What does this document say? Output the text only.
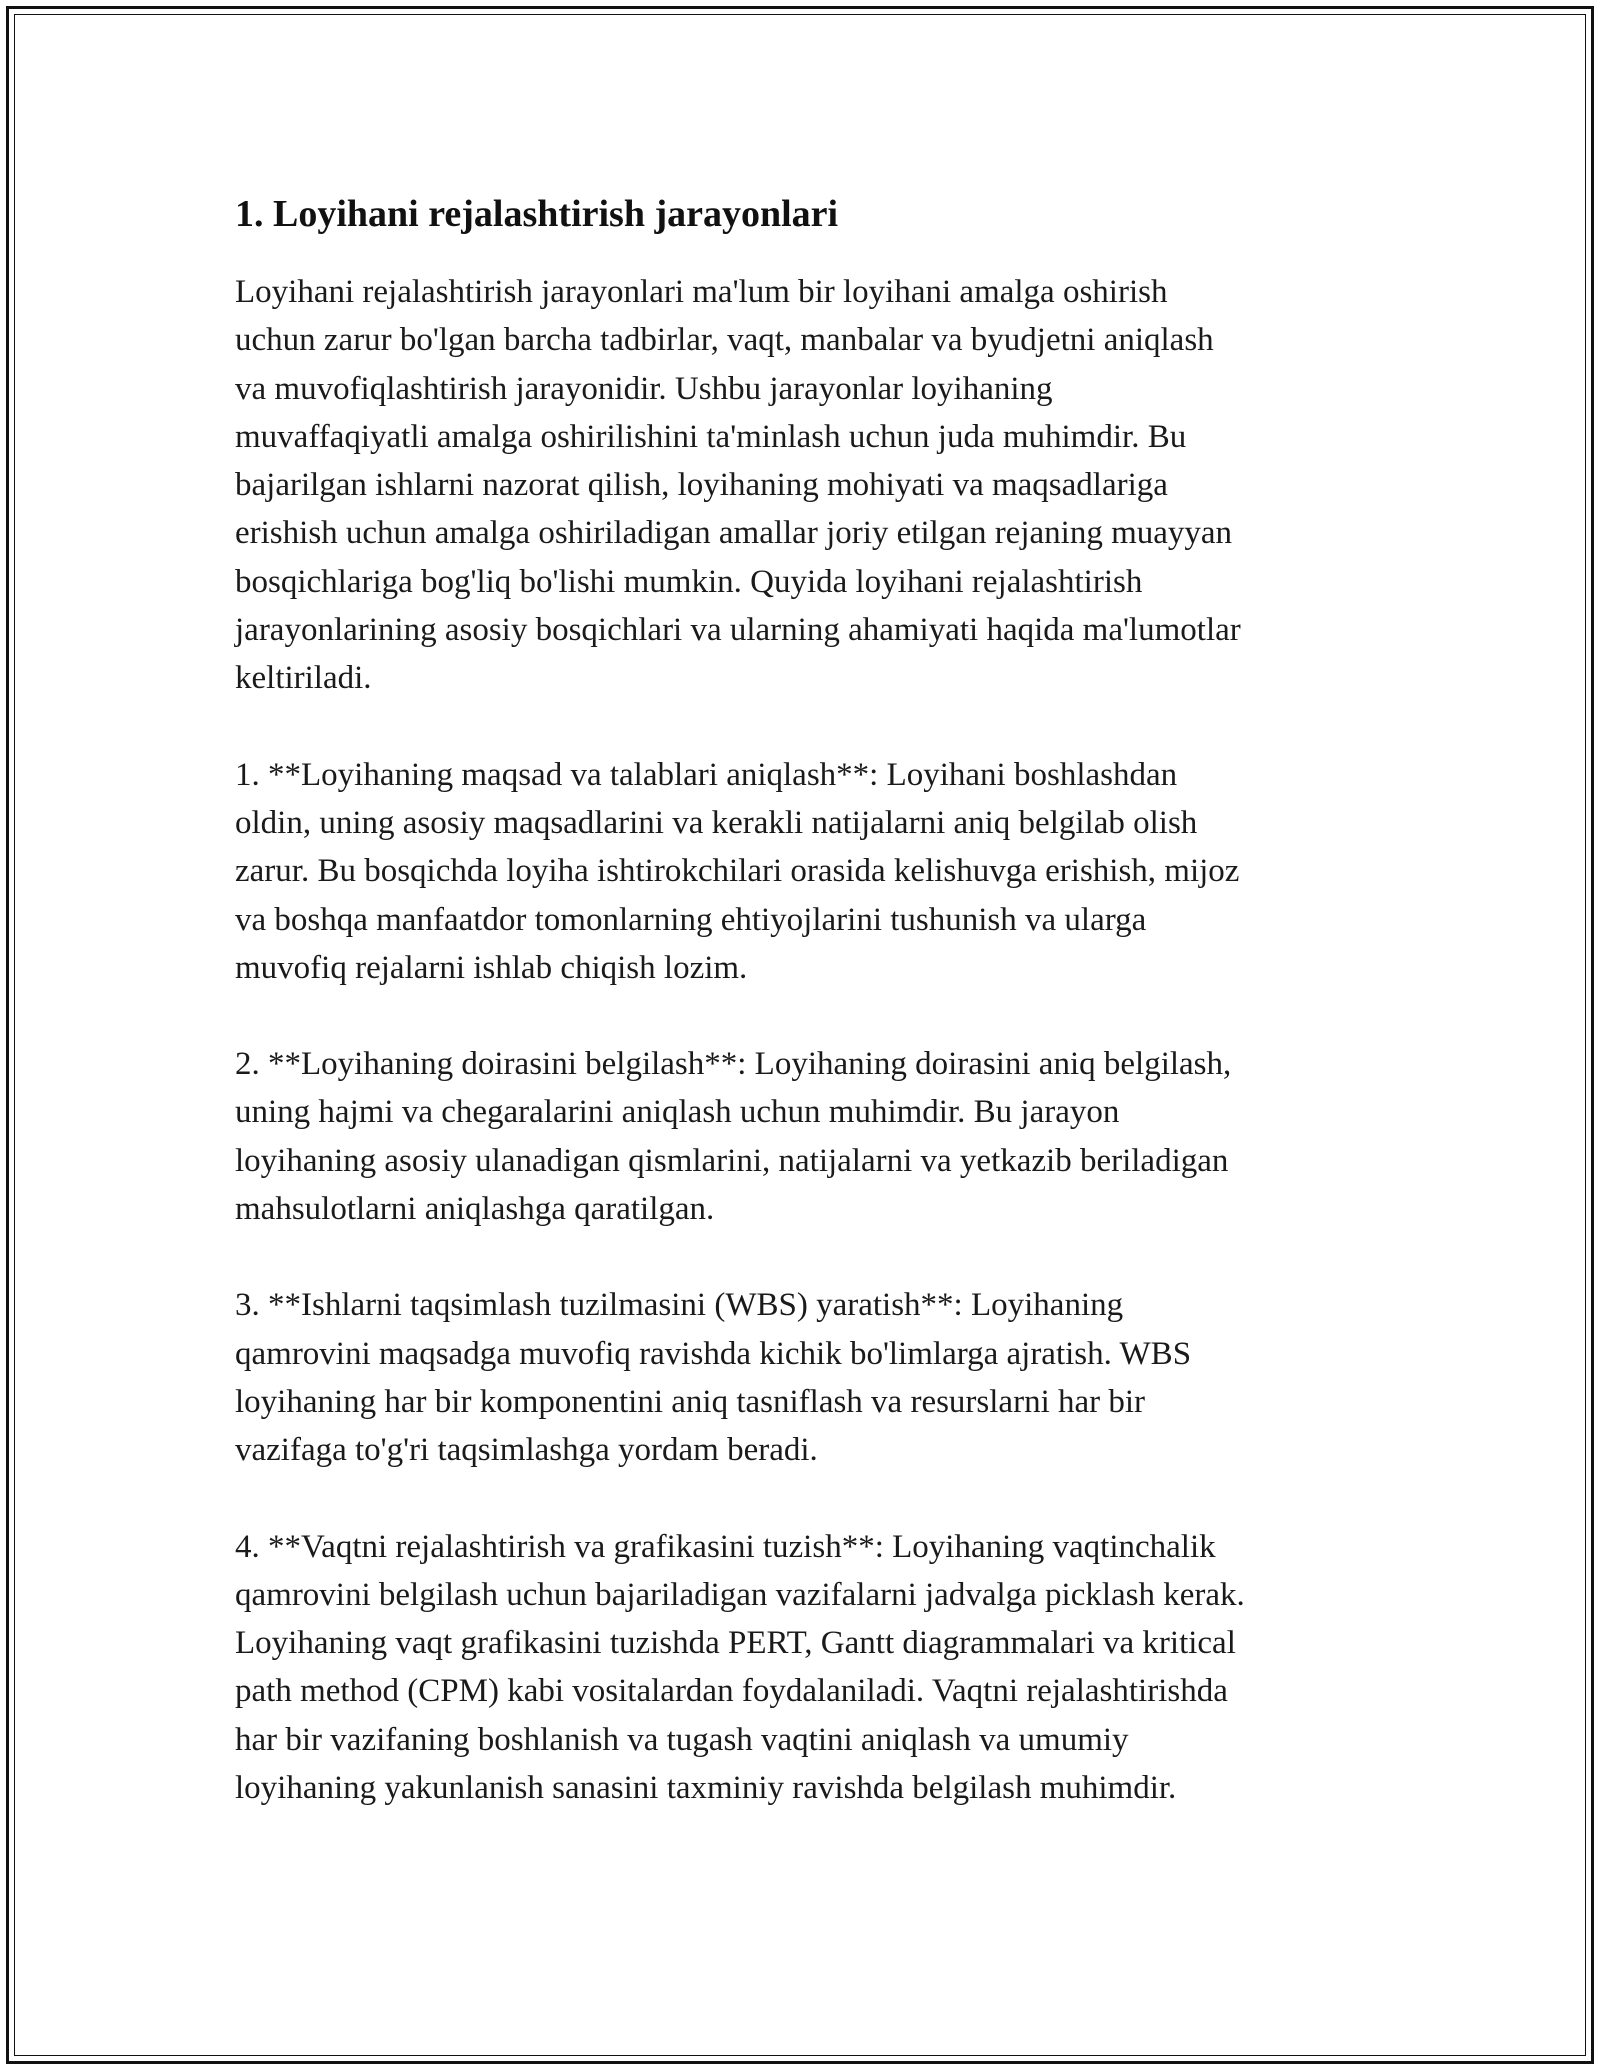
1. Loyihani rejalashtirish jarayonlari

Loyihani rejalashtirish jarayonlari ma'lum bir loyihani amalga oshirish
uchun zarur bo'lgan barcha tadbirlar, vaqt, manbalar va byudjetni aniqlash
va muvofiqlashtirish jarayonidir. Ushbu jarayonlar loyihaning
muvaffaqiyatli amalga oshirilishini ta'minlash uchun juda muhimdir. Bu
bajarilgan ishlarni nazorat qilish, loyihaning mohiyati va maqsadlariga
erishish uchun amalga oshiriladigan amallar joriy etilgan rejaning muayyan
bosqichlariga bog'liq bo'lishi mumkin. Quyida loyihani rejalashtirish
jarayonlarining asosiy bosqichlari va ularning ahamiyati haqida ma'lumotlar
keltiriladi.

1. **Loyihaning maqsad va talablari aniqlash**: Loyihani boshlashdan
oldin, uning asosiy maqsadlarini va kerakli natijalarni aniq belgilab olish
zarur. Bu bosqichda loyiha ishtirokchilari orasida kelishuvga erishish, mijoz
va boshqa manfaatdor tomonlarning ehtiyojlarini tushunish va ularga
muvofiq rejalarni ishlab chiqish lozim.

2. **Loyihaning doirasini belgilash**: Loyihaning doirasini aniq belgilash,
uning hajmi va chegaralarini aniqlash uchun muhimdir. Bu jarayon
loyihaning asosiy ulanadigan qismlarini, natijalarni va yetkazib beriladigan
mahsulotlarni aniqlashga qaratilgan.

3. **Ishlarni taqsimlash tuzilmasini (WBS) yaratish**: Loyihaning
qamrovini maqsadga muvofiq ravishda kichik bo'limlarga ajratish. WBS
loyihaning har bir komponentini aniq tasniflash va resurslarni har bir
vazifaga to'g'ri taqsimlashga yordam beradi.

4. **Vaqtni rejalashtirish va grafikasini tuzish**: Loyihaning vaqtinchalik
qamrovini belgilash uchun bajariladigan vazifalarni jadvalga picklash kerak.
Loyihaning vaqt grafikasini tuzishda PERT, Gantt diagrammalari va kritical
path method (CPM) kabi vositalardan foydalaniladi. Vaqtni rejalashtirishda
har bir vazifaning boshlanish va tugash vaqtini aniqlash va umumiy
loyihaning yakunlanish sanasini taxminiy ravishda belgilash muhimdir.
